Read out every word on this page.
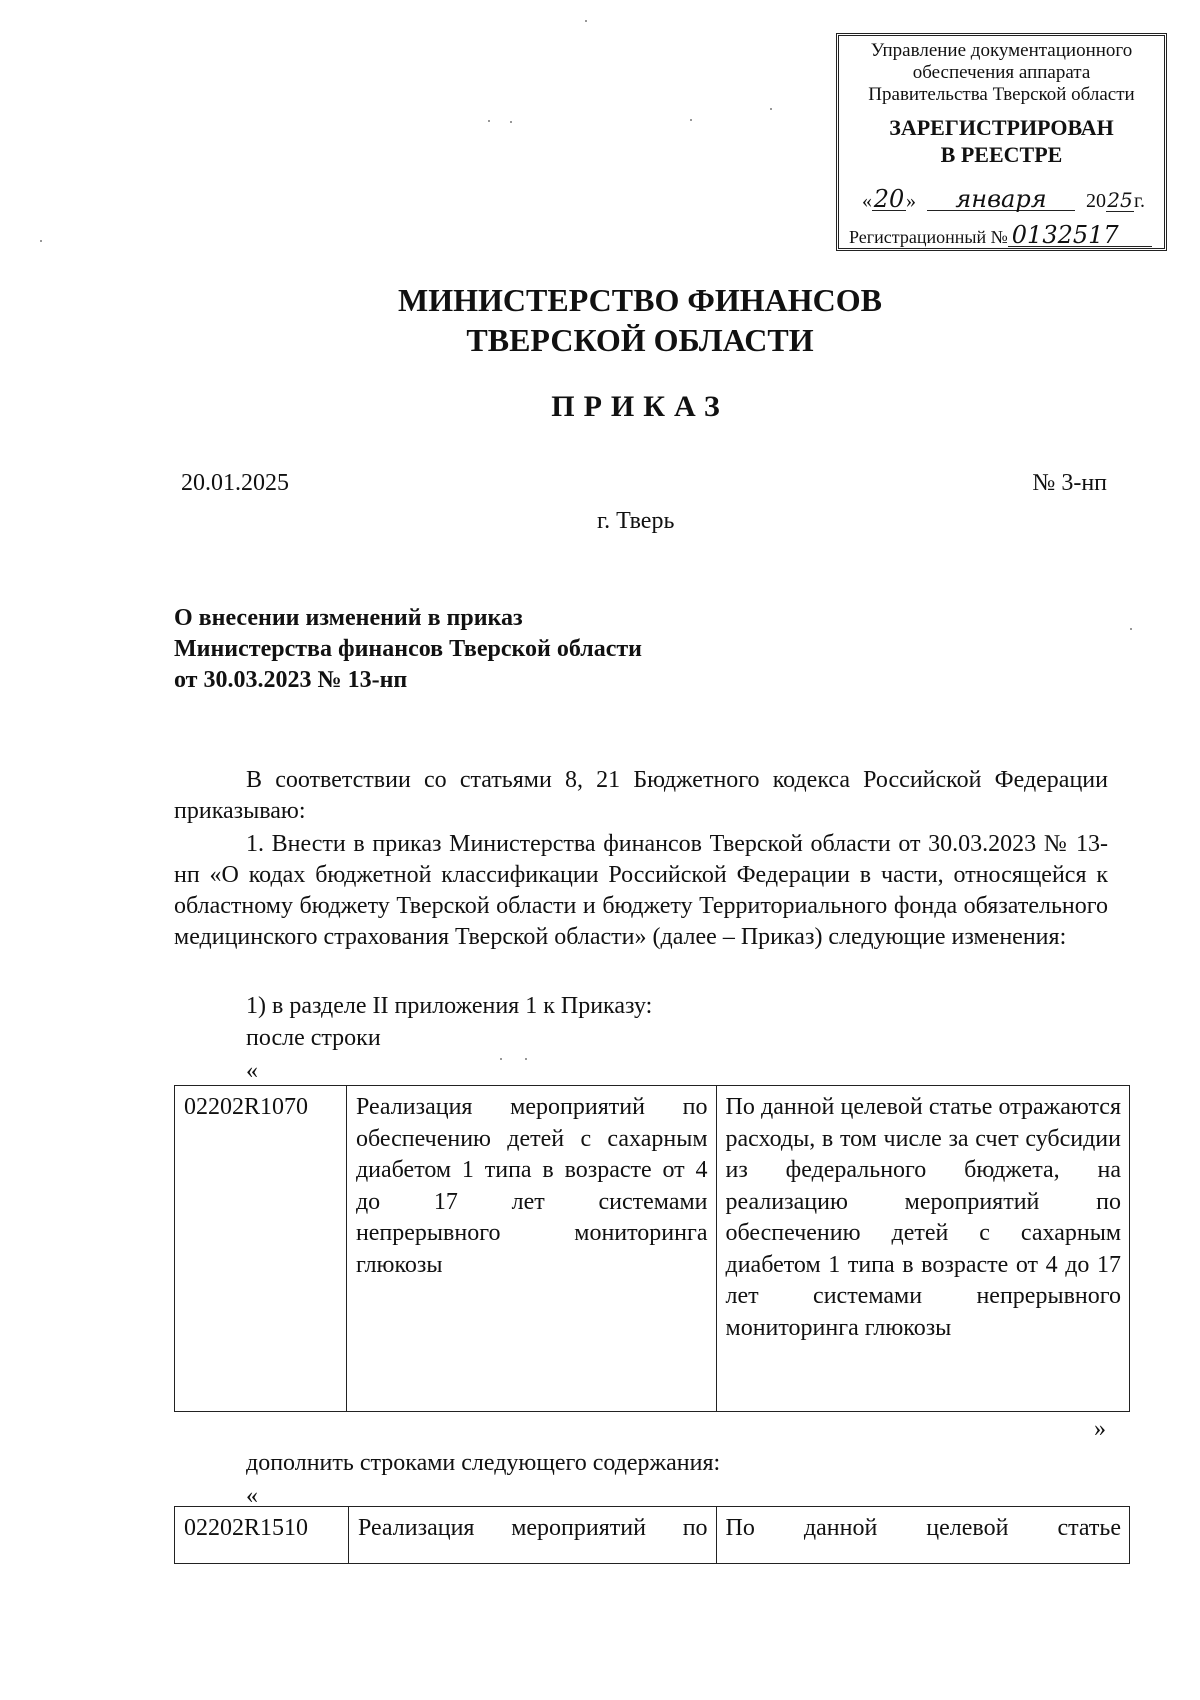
Управление документационного
обеспечения аппарата
Правительства Тверской области
ЗАРЕГИСТРИРОВАН
В РЕЕСТРЕ
«20» января 2025г.
Регистрационный № 0132517
МИНИСТЕРСТВО ФИНАНСОВ
ТВЕРСКОЙ ОБЛАСТИ
ПРИКАЗ
20.01.2025	№ 3-нп
г. Тверь
О внесении изменений в приказ
Министерства финансов Тверской области
от 30.03.2023 № 13-нп
В соответствии со статьями 8, 21 Бюджетного кодекса Российской Федерации приказываю:
1. Внести в приказ Министерства финансов Тверской области от 30.03.2023 № 13-нп «О кодах бюджетной классификации Российской Федерации в части, относящейся к областному бюджету Тверской области и бюджету Территориального фонда обязательного медицинского страхования Тверской области» (далее – Приказ) следующие изменения:
1) в разделе II приложения 1 к Приказу:
после строки
«
02202R1070	Реализация мероприятий по обеспечению детей с сахарным диабетом 1 типа в возрасте от 4 до 17 лет системами непрерывного мониторинга глюкозы	По данной целевой статье отражаются расходы, в том числе за счет субсидии из федерального бюджета, на реализацию мероприятий по обеспечению детей с сахарным диабетом 1 типа в возрасте от 4 до 17 лет системами непрерывного мониторинга глюкозы
»
дополнить строками следующего содержания:
«
02202R1510	Реализация мероприятий по	По данной целевой статье
